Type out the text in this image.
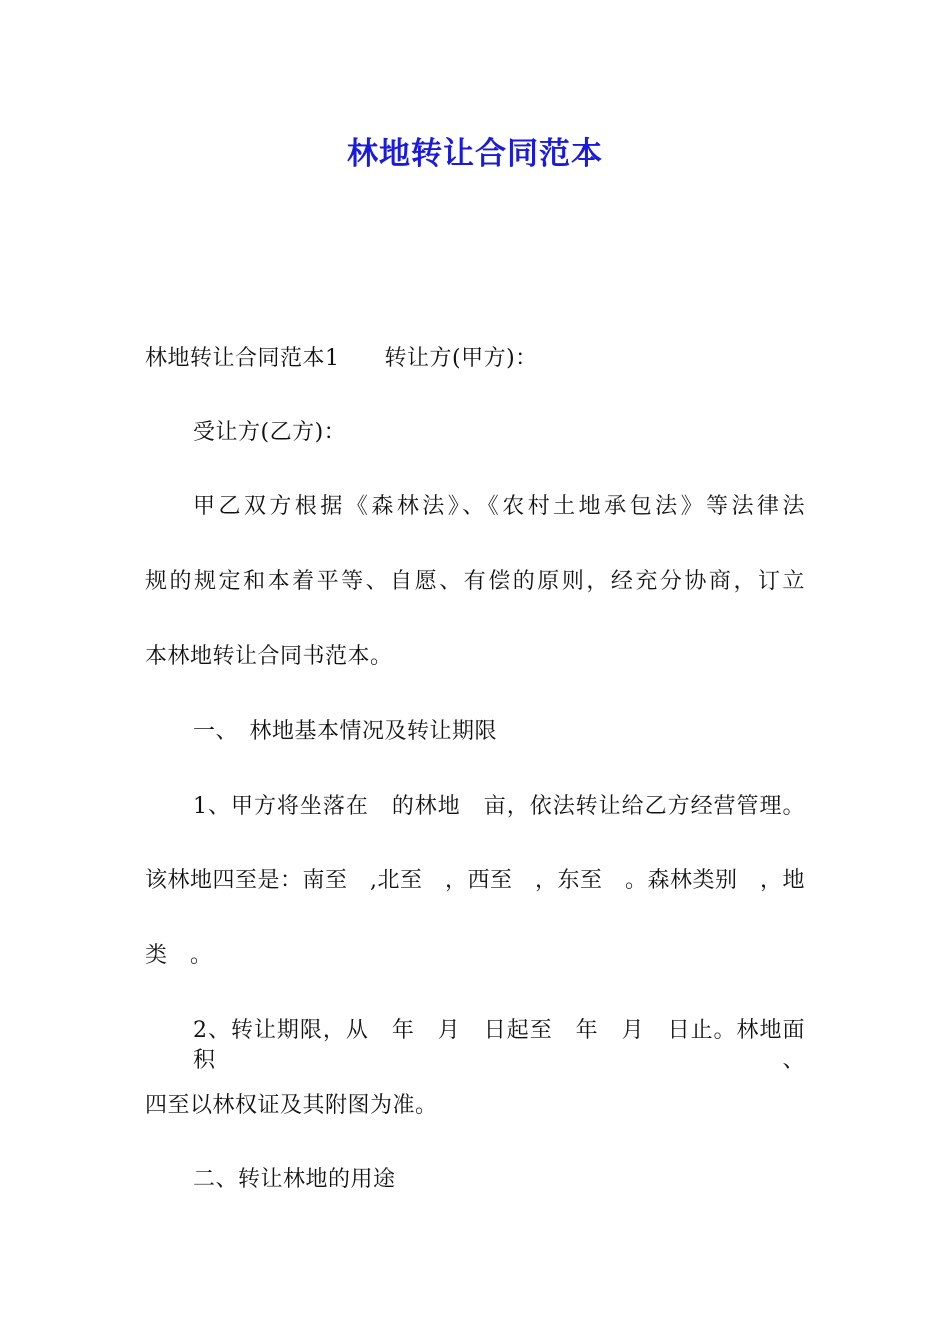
林地转让合同范本
林地转让合同范本1　　转让方(甲方)：
受让方(乙方)：
甲乙双方根据《森林法》、《农村土地承包法》等法律法
规的规定和本着平等、自愿、有偿的原则，经充分协商，订立
本林地转让合同书范本。
一、　林地基本情况及转让期限
1、甲方将坐落在　的林地　亩，依法转让给乙方经营管理。
该林地四至是：南至　,北至　，西至　，东至　。森林类别　，地
类　。
2、转让期限，从　年　月　日起至　年　月　日止。林地面积、
四至以林权证及其附图为准。
二、转让林地的用途
